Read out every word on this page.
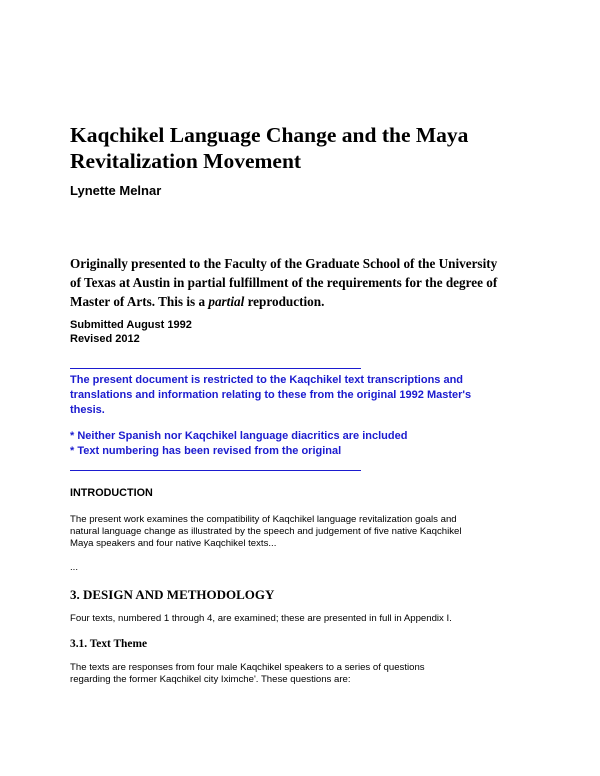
Kaqchikel Language Change and the Maya
Revitalization Movement
Lynette Melnar
Originally presented to the Faculty of the Graduate School of the University
of Texas at Austin in partial fulfillment of the requirements for the degree of
Master of Arts. This is a partial reproduction.
Submitted August 1992
Revised 2012
The present document is restricted to the Kaqchikel text transcriptions and
translations and information relating to these from the original 1992 Master's
thesis.
* Neither Spanish nor Kaqchikel language diacritics are included
* Text numbering has been revised from the original
INTRODUCTION
The present work examines the compatibility of Kaqchikel language revitalization goals and
natural language change as illustrated by the speech and judgement of five native Kaqchikel
Maya speakers and four native Kaqchikel texts...
...
3. DESIGN AND METHODOLOGY
Four texts, numbered 1 through 4, are examined; these are presented in full in Appendix I.
3.1. Text Theme
The texts are responses from four male Kaqchikel speakers to a series of questions
regarding the former Kaqchikel city Iximche'. These questions are:
